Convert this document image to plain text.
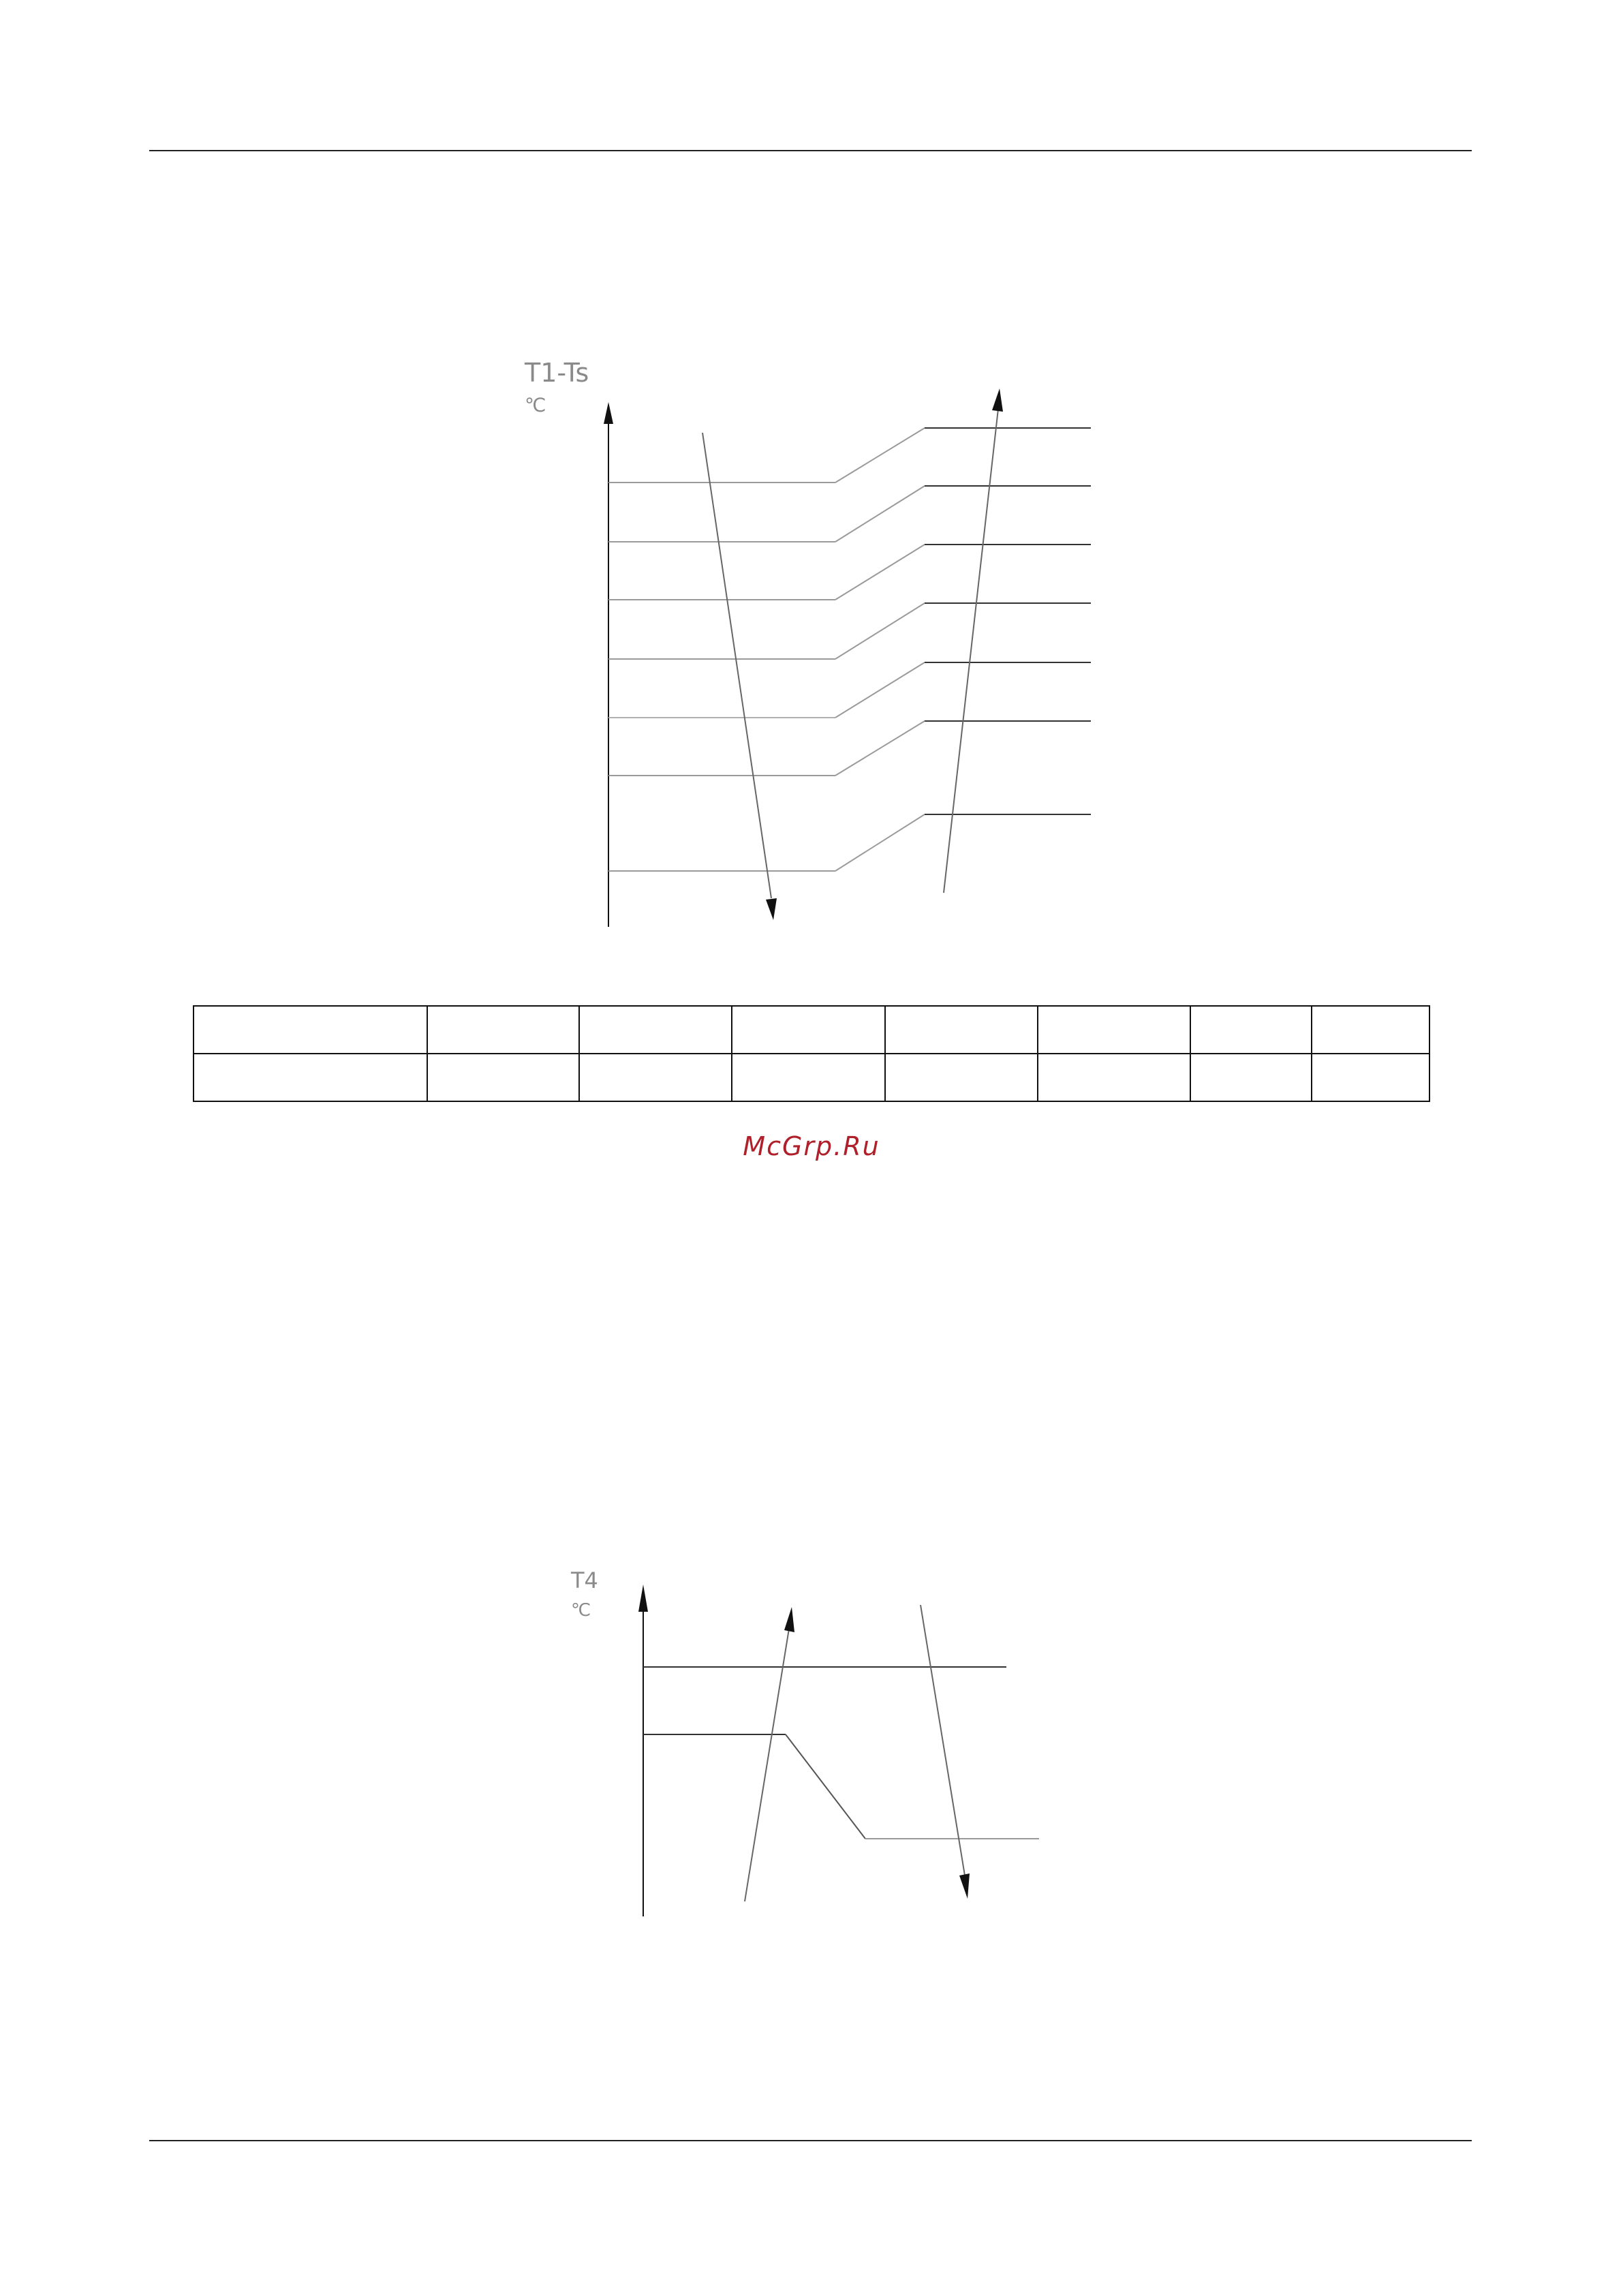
T1-Ts
℃

McGrp.Ru
T4
℃
